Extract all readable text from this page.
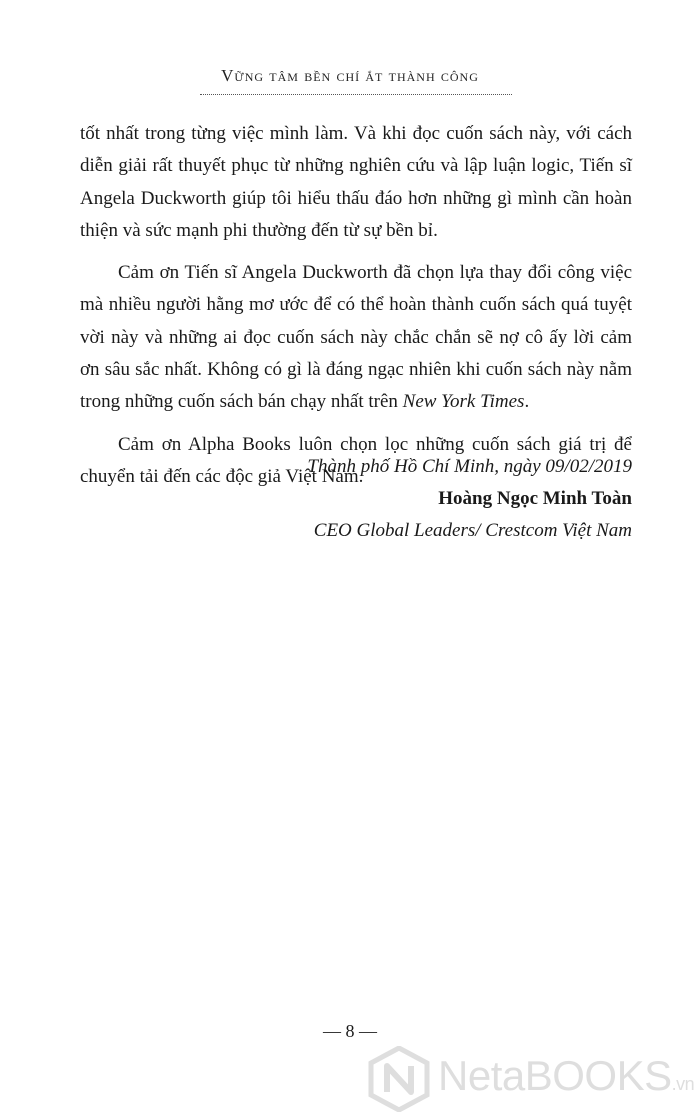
Vững tâm bền chí ắt thành công

tốt nhất trong từng việc mình làm. Và khi đọc cuốn sách này, với cách diễn giải rất thuyết phục từ những nghiên cứu và lập luận logic, Tiến sĩ Angela Duckworth giúp tôi hiểu thấu đáo hơn những gì mình cần hoàn thiện và sức mạnh phi thường đến từ sự bền bỉ.

Cảm ơn Tiến sĩ Angela Duckworth đã chọn lựa thay đổi công việc mà nhiều người hằng mơ ước để có thể hoàn thành cuốn sách quá tuyệt vời này và những ai đọc cuốn sách này chắc chắn sẽ nợ cô ấy lời cảm ơn sâu sắc nhất. Không có gì là đáng ngạc nhiên khi cuốn sách này nằm trong những cuốn sách bán chạy nhất trên New York Times.

Cảm ơn Alpha Books luôn chọn lọc những cuốn sách giá trị để chuyển tải đến các độc giả Việt Nam.

Thành phố Hồ Chí Minh, ngày 09/02/2019
Hoàng Ngọc Minh Toàn
CEO Global Leaders/ Crestcom Việt Nam
— 8 —
NetaBOOKS.vn
